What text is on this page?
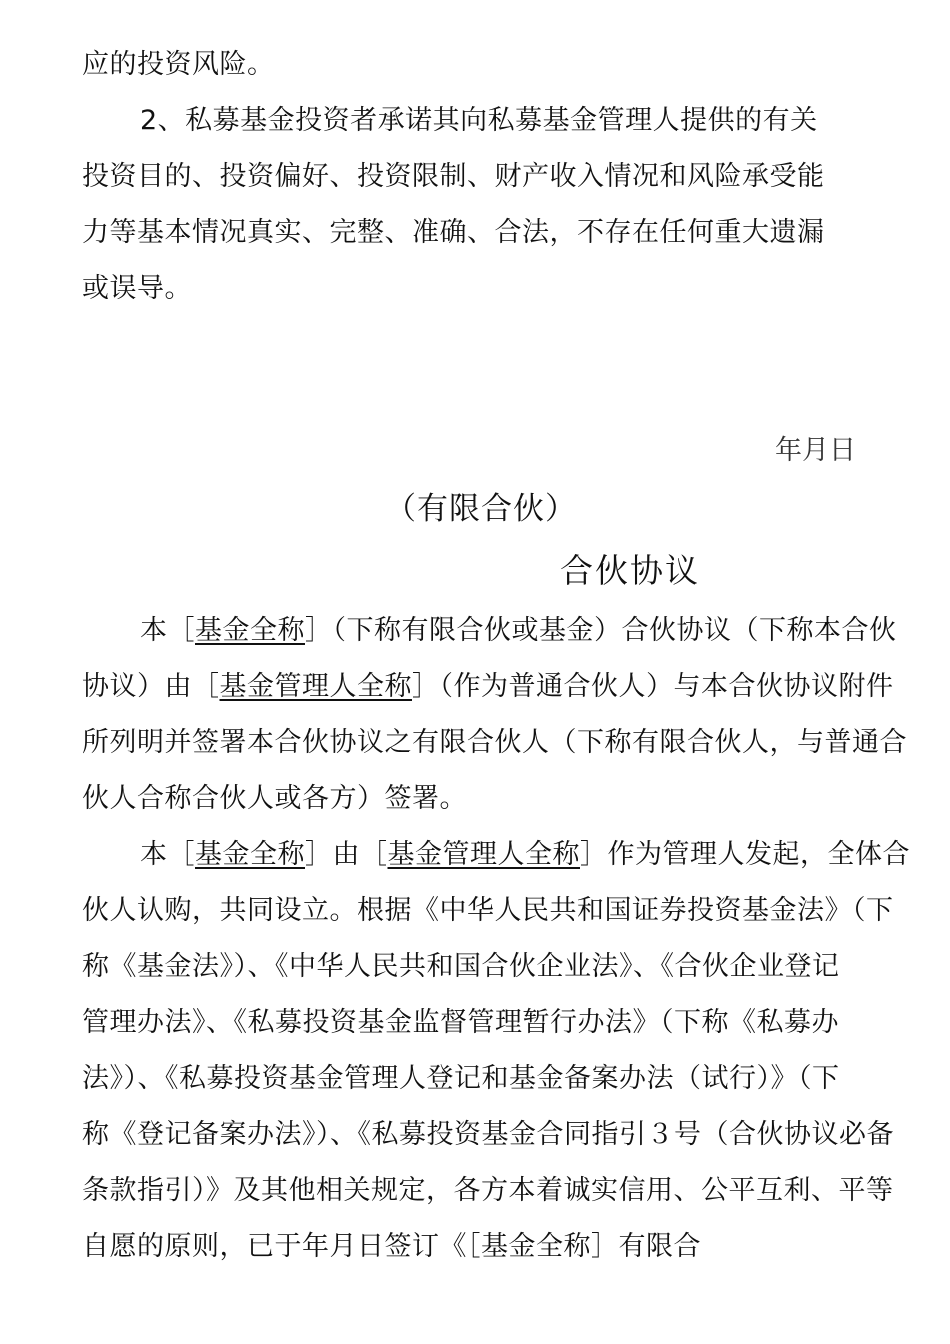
应的投资风险。
2、私募基金投资者承诺其向私募基金管理人提供的有关
投资目的、投资偏好、投资限制、财产收入情况和风险承受能
力等基本情况真实、完整、准确、合法，不存在任何重大遗漏
或误导。
年月日
（有限合伙）
合伙协议
本［基金全称］（下称有限合伙或基金）合伙协议（下称本合伙
协议）由［基金管理人全称］（作为普通合伙人）与本合伙协议附件
所列明并签署本合伙协议之有限合伙人（下称有限合伙人，与普通合
伙人合称合伙人或各方）签署。
本［基金全称］由［基金管理人全称］作为管理人发起，全体合
伙人认购，共同设立。根据《中华人民共和国证券投资基金法》（下
称《基金法》）、《中华人民共和国合伙企业法》、《合伙企业登记
管理办法》、《私募投资基金监督管理暂行办法》（下称《私募办
法》）、《私募投资基金管理人登记和基金备案办法（试行）》（下
称《登记备案办法》）、《私募投资基金合同指引３号（合伙协议必备
条款指引）》及其他相关规定，各方本着诚实信用、公平互利、平等
自愿的原则，已于年月日签订《［基金全称］有限合
